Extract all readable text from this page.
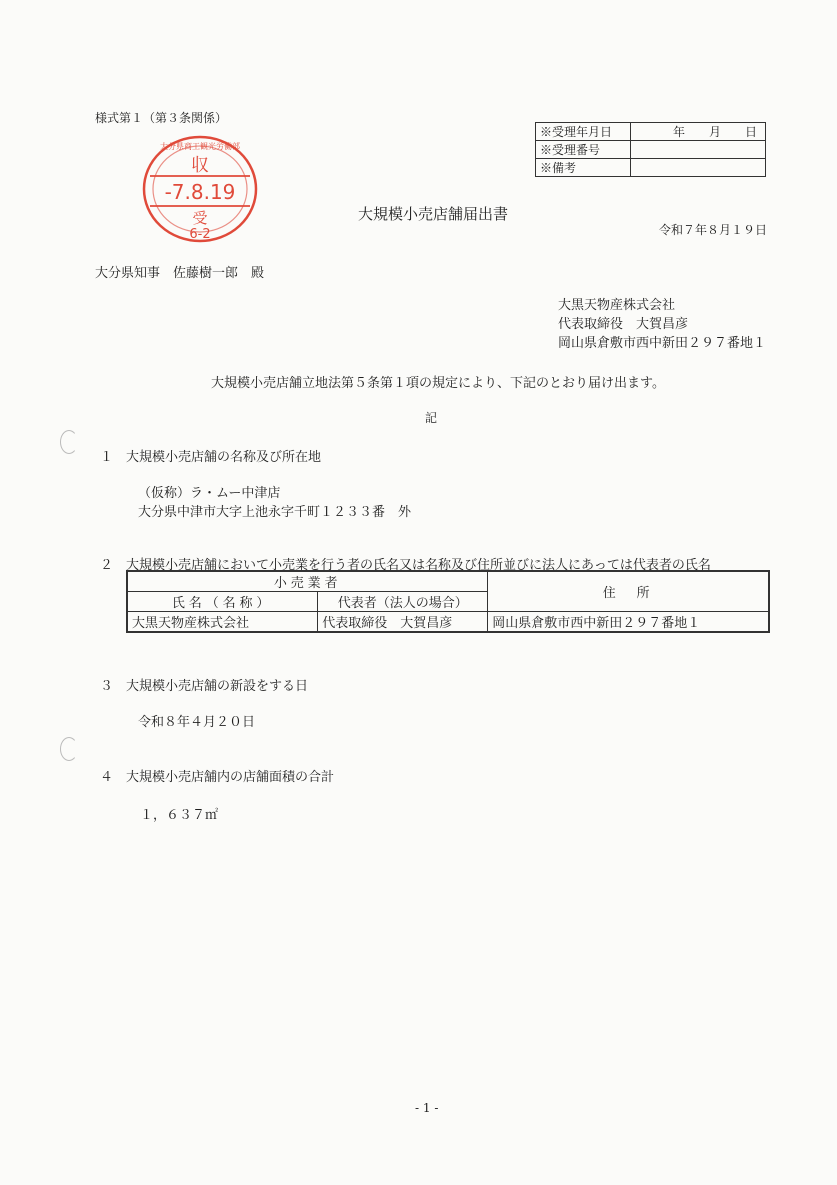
様式第１（第３条関係）
※受理年月日	年 月 日

※受理番号	
※備考	
大分県商工観光労働部
収
-7.8.19
受
6-2
大規模小売店舗届出書
令和７年８月１９日
大分県知事　佐藤樹一郎　殿
大黒天物産株式会社
代表取締役　大賀昌彦
岡山県倉敷市西中新田２９７番地１
大規模小売店舗立地法第５条第１項の規定により、下記のとおり届け出ます。
記
１　大規模小売店舗の名称及び所在地
（仮称）ラ・ムー中津店
大分県中津市大字上池永字千町１２３３番　外
２　大規模小売店舗において小売業を行う者の氏名又は名称及び住所並びに法人にあっては代表者の氏名
小売業者		住　所
氏名（名称）	代表者（法人の場合）	
大黒天物産株式会社	代表取締役　大賀昌彦	岡山県倉敷市西中新田２９７番地１
３　大規模小売店舗の新設をする日
令和８年４月２０日
４　大規模小売店舗内の店舗面積の合計
１，６３７㎡
- 1 -
